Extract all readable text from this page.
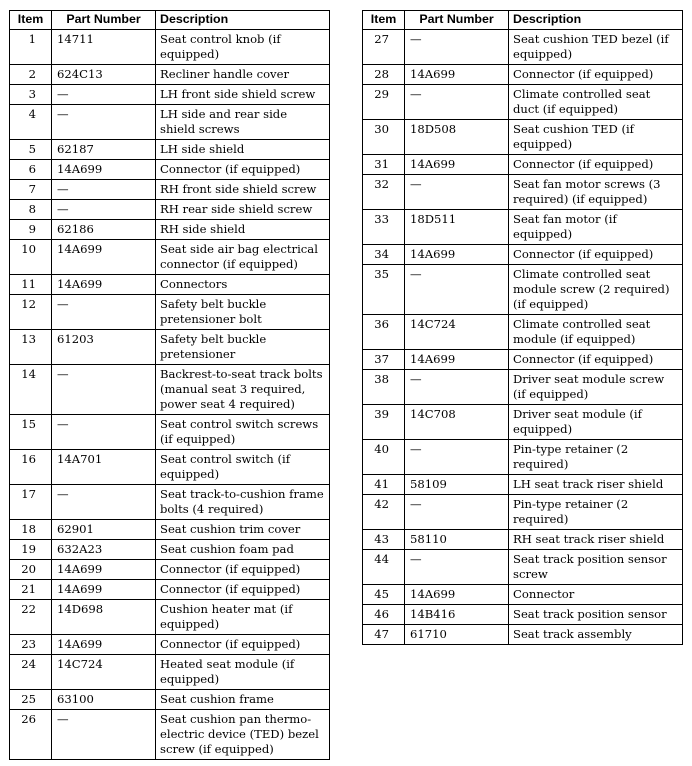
Item	Part Number	Description
1	14711	Seat control knob (if equipped)
2	624C13	Recliner handle cover
3	—	LH front side shield screw
4	—	LH side and rear side shield screws
5	62187	LH side shield
6	14A699	Connector (if equipped)
7	—	RH front side shield screw
8	—	RH rear side shield screw
9	62186	RH side shield
10	14A699	Seat side air bag electrical connector (if equipped)
11	14A699	Connectors
12	—	Safety belt buckle pretensioner bolt
13	61203	Safety belt buckle pretensioner
14	—	Backrest-to-seat track bolts (manual seat 3 required, power seat 4 required)
15	—	Seat control switch screws (if equipped)
16	14A701	Seat control switch (if equipped)
17	—	Seat track-to-cushion frame bolts (4 required)
18	62901	Seat cushion trim cover
19	632A23	Seat cushion foam pad
20	14A699	Connector (if equipped)
21	14A699	Connector (if equipped)
22	14D698	Cushion heater mat (if equipped)
23	14A699	Connector (if equipped)
24	14C724	Heated seat module (if equipped)
25	63100	Seat cushion frame
26	—	Seat cushion pan thermo-electric device (TED) bezel screw (if equipped)
Item	Part Number	Description
27	—	Seat cushion TED bezel (if equipped)
28	14A699	Connector (if equipped)
29	—	Climate controlled seat duct (if equipped)
30	18D508	Seat cushion TED (if equipped)
31	14A699	Connector (if equipped)
32	—	Seat fan motor screws (3 required) (if equipped)
33	18D511	Seat fan motor (if equipped)
34	14A699	Connector (if equipped)
35	—	Climate controlled seat module screw (2 required) (if equipped)
36	14C724	Climate controlled seat module (if equipped)
37	14A699	Connector (if equipped)
38	—	Driver seat module screw (if equipped)
39	14C708	Driver seat module (if equipped)
40	—	Pin-type retainer (2 required)
41	58109	LH seat track riser shield
42	—	Pin-type retainer (2 required)
43	58110	RH seat track riser shield
44	—	Seat track position sensor screw
45	14A699	Connector
46	14B416	Seat track position sensor
47	61710	Seat track assembly
